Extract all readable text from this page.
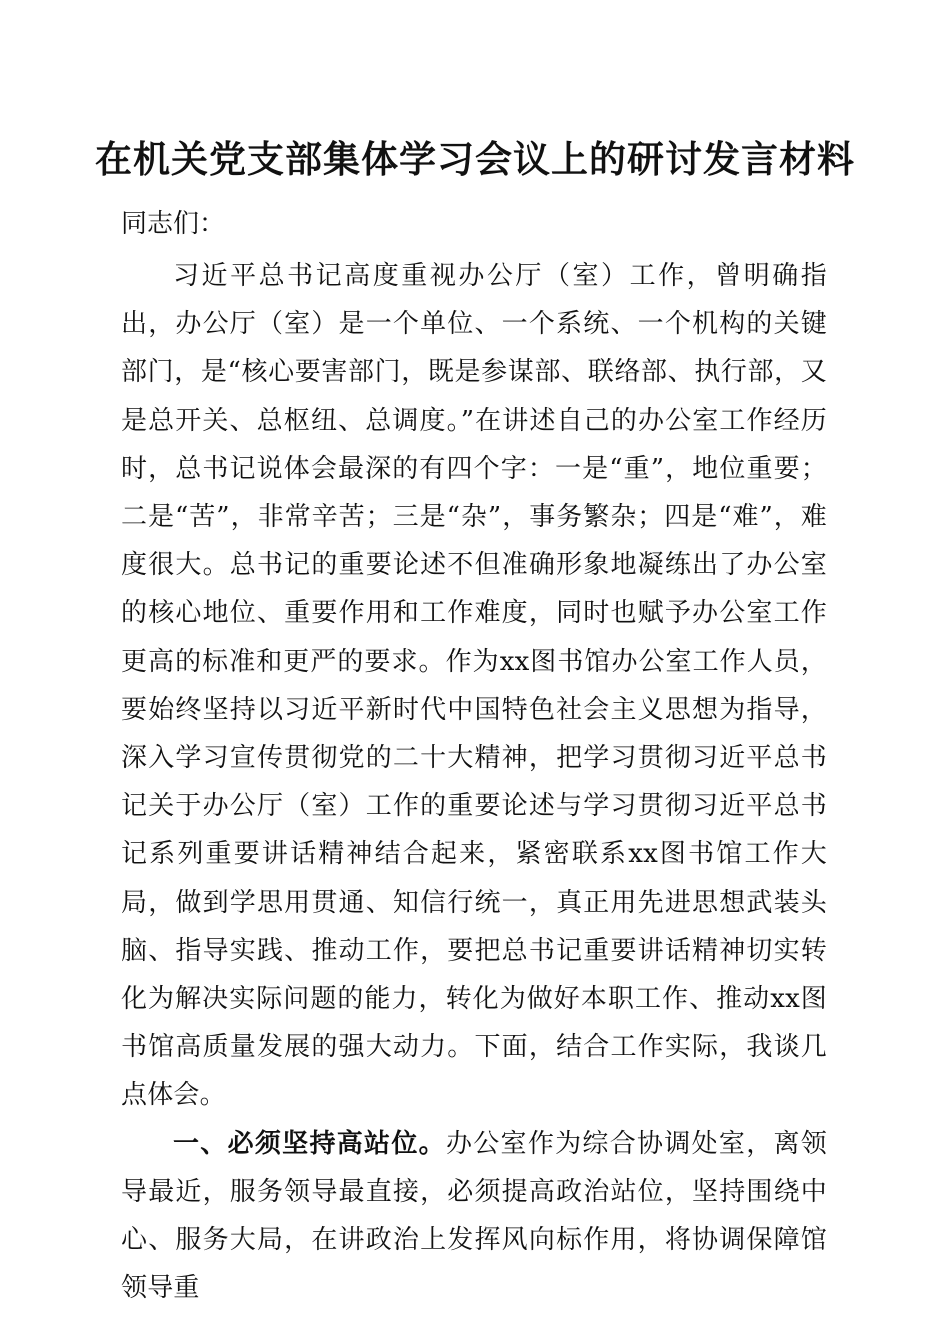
在机关党支部集体学习会议上的研讨发言材料
同志们：

习近平总书记高度重视办公厅（室）工作，曾明确指出，办公厅（室）是一个单位、一个系统、一个机构的关键部门，是“核心要害部门，既是参谋部、联络部、执行部，又是总开关、总枢纽、总调度。”在讲述自己的办公室工作经历时，总书记说体会最深的有四个字：一是“重”，地位重要；二是“苦”，非常辛苦；三是“杂”，事务繁杂；四是“难”，难度很大。总书记的重要论述不但准确形象地凝练出了办公室的核心地位、重要作用和工作难度，同时也赋予办公室工作更高的标准和更严的要求。作为xx图书馆办公室工作人员，要始终坚持以习近平新时代中国特色社会主义思想为指导，深入学习宣传贯彻党的二十大精神，把学习贯彻习近平总书记关于办公厅（室）工作的重要论述与学习贯彻习近平总书记系列重要讲话精神结合起来，紧密联系xx图书馆工作大局，做到学思用贯通、知信行统一，真正用先进思想武装头脑、指导实践、推动工作，要把总书记重要讲话精神切实转化为解决实际问题的能力，转化为做好本职工作、推动xx图书馆高质量发展的强大动力。下面，结合工作实际，我谈几点体会。

一、必须坚持高站位。办公室作为综合协调处室，离领导最近，服务领导最直接，必须提高政治站位，坚持围绕中心、服务大局，在讲政治上发挥风向标作用，将协调保障馆领导重
